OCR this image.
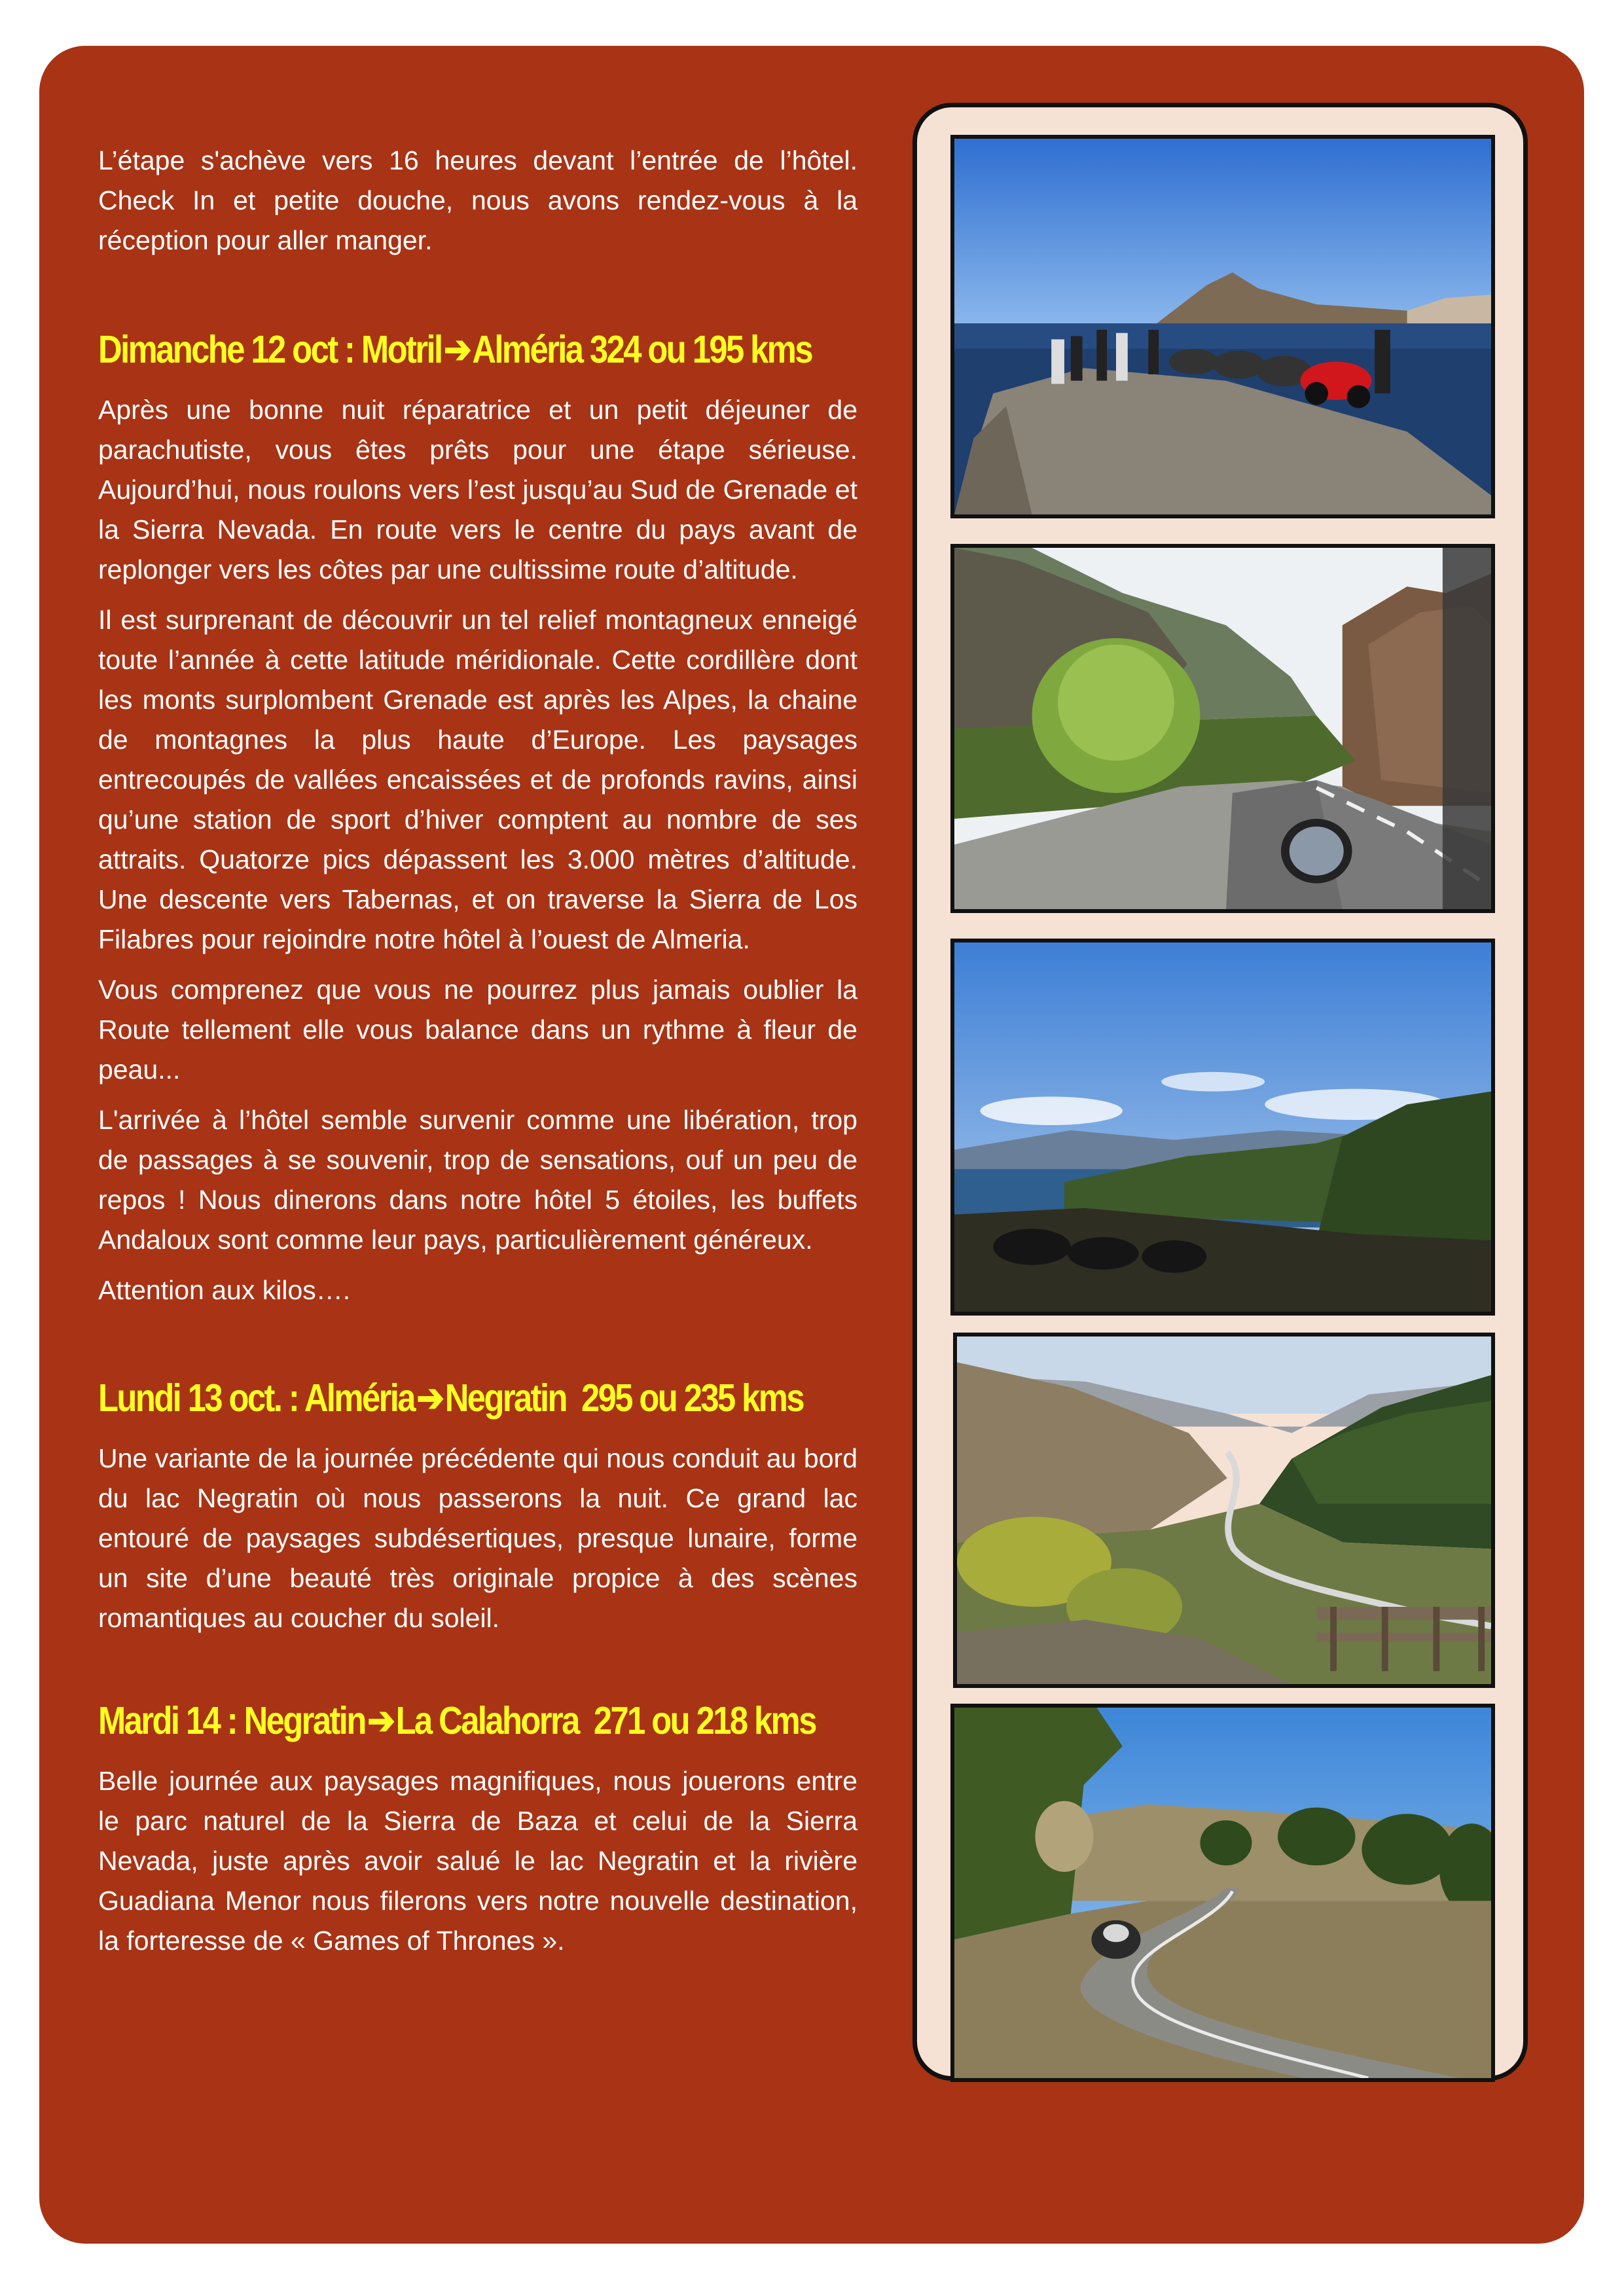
L’étape s'achève vers 16 heures devant l’entrée de l’hôtel. Check In et petite douche, nous avons rendez-vous à la réception pour aller manger.

Dimanche 12 oct : Motril➔Alméria 324 ou 195 kms

Après une bonne nuit réparatrice et un petit déjeuner de parachutiste, vous êtes prêts pour une étape sérieuse. Aujourd’hui, nous roulons vers l’est jusqu’au Sud de Grenade et la Sierra Nevada. En route vers le centre du pays avant de replonger vers les côtes par une cultissime route d’altitude.

Il est surprenant de découvrir un tel relief montagneux enneigé toute l’année à cette latitude méridionale. Cette cordillère dont les monts surplombent Grenade est après les Alpes, la chaine de montagnes la plus haute d’Europe. Les paysages entrecoupés de vallées encaissées et de profonds ravins, ainsi qu’une station de sport d’hiver comptent au nombre de ses attraits. Quatorze pics dépassent les 3.000 mètres d’altitude. Une descente vers Tabernas, et on traverse la Sierra de Los Filabres pour rejoindre notre hôtel à l’ouest de Almeria.

Vous comprenez que vous ne pourrez plus jamais oublier la Route tellement elle vous balance dans un rythme à fleur de peau...

L'arrivée à l’hôtel semble survenir comme une libération, trop de passages à se souvenir, trop de sensations, ouf un peu de repos ! Nous dinerons dans notre hôtel 5 étoiles, les buffets Andaloux sont comme leur pays, particulièrement généreux.

Attention aux kilos….

Lundi 13 oct. : Alméria➔Negratin  295 ou 235 kms

Une variante de la journée précédente qui nous conduit au bord du lac Negratin où nous passerons la nuit. Ce grand lac entouré de paysages subdésertiques, presque lunaire, forme un site d’une beauté très originale propice à des scènes romantiques au coucher du soleil.

Mardi 14 : Negratin➔La Calahorra  271 ou 218 kms

Belle journée aux paysages magnifiques, nous jouerons entre le parc naturel de la Sierra de Baza et celui de la Sierra Nevada, juste après avoir salué le lac Negratin et la rivière Guadiana Menor nous filerons vers notre nouvelle destination, la forteresse de « Games of Thrones ».
